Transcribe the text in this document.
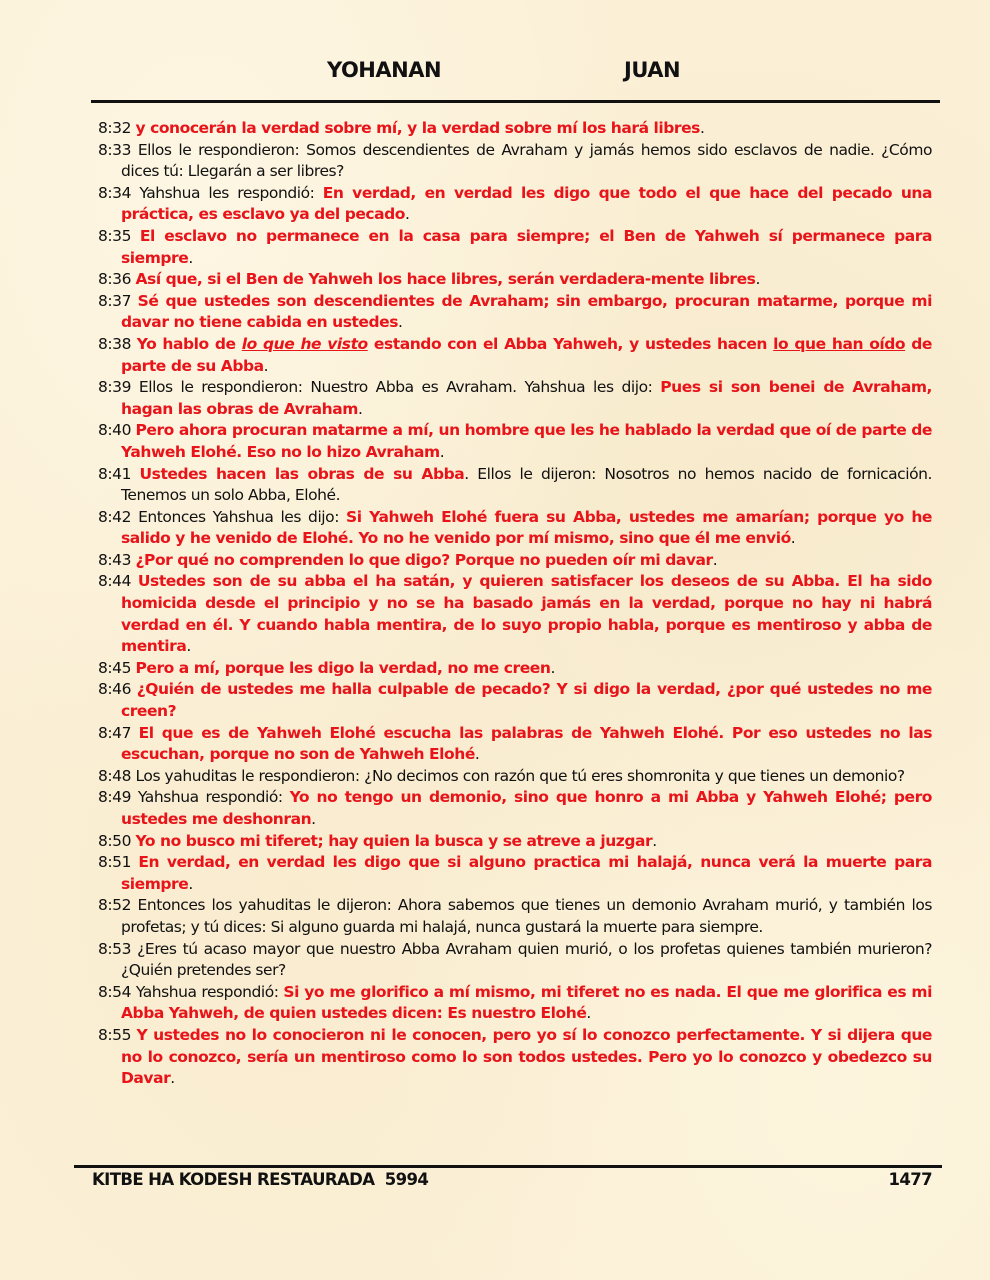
YOHANAN	JUAN

8:32 y conocerán la verdad sobre mí, y la verdad sobre mí los hará libres.

8:33 Ellos le respondieron: Somos descendientes de Avraham y jamás hemos sido esclavos de nadie. ¿Cómo dices tú: Llegarán a ser libres?

8:34 Yahshua les respondió: En verdad, en verdad les digo que todo el que hace del pecado una práctica, es esclavo ya del pecado.

8:35 El esclavo no permanece en la casa para siempre; el Ben de Yahweh sí permanece para siempre.

8:36 Así que, si el Ben de Yahweh los hace libres, serán verdadera-mente libres.

8:37 Sé que ustedes son descendientes de Avraham; sin embargo, procuran matarme, porque mi davar no tiene cabida en ustedes.

8:38 Yo hablo de lo que he visto estando con el Abba Yahweh, y ustedes hacen lo que han oído de parte de su Abba.

8:39 Ellos le respondieron: Nuestro Abba es Avraham. Yahshua les dijo: Pues si son benei de Avraham, hagan las obras de Avraham.

8:40 Pero ahora procuran matarme a mí, un hombre que les he hablado la verdad que oí de parte de Yahweh Elohé. Eso no lo hizo Avraham.

8:41 Ustedes hacen las obras de su Abba. Ellos le dijeron: Nosotros no hemos nacido de fornicación. Tenemos un solo Abba, Elohé.

8:42 Entonces Yahshua les dijo: Si Yahweh Elohé fuera su Abba, ustedes me amarían; porque yo he salido y he venido de Elohé. Yo no he venido por mí mismo, sino que él me envió.

8:43 ¿Por qué no comprenden lo que digo? Porque no pueden oír mi davar.

8:44 Ustedes son de su abba el ha satán, y quieren satisfacer los deseos de su Abba. El ha sido homicida desde el principio y no se ha basado jamás en la verdad, porque no hay ni habrá verdad en él. Y cuando habla mentira, de lo suyo propio habla, porque es mentiroso y abba de mentira.

8:45 Pero a mí, porque les digo la verdad, no me creen.

8:46 ¿Quién de ustedes me halla culpable de pecado? Y si digo la verdad, ¿por qué ustedes no me creen?

8:47 El que es de Yahweh Elohé escucha las palabras de Yahweh Elohé. Por eso ustedes no las escuchan, porque no son de Yahweh Elohé.

8:48 Los yahuditas le respondieron: ¿No decimos con razón que tú eres shomronita y que tienes un demonio?

8:49 Yahshua respondió: Yo no tengo un demonio, sino que honro a mi Abba y Yahweh Elohé; pero ustedes me deshonran.

8:50 Yo no busco mi tiferet; hay quien la busca y se atreve a juzgar.

8:51 En verdad, en verdad les digo que si alguno practica mi halajá, nunca verá la muerte para siempre.

8:52 Entonces los yahuditas le dijeron: Ahora sabemos que tienes un demonio Avraham murió, y también los profetas; y tú dices: Si alguno guarda mi halajá, nunca gustará la muerte para siempre.

8:53 ¿Eres tú acaso mayor que nuestro Abba Avraham quien murió, o los profetas quienes también murieron? ¿Quién pretendes ser?

8:54 Yahshua respondió: Si yo me glorifico a mí mismo, mi tiferet no es nada. El que me glorifica es mi Abba Yahweh, de quien ustedes dicen: Es nuestro Elohé.

8:55 Y ustedes no lo conocieron ni le conocen, pero yo sí lo conozco perfectamente. Y si dijera que no lo conozco, sería un mentiroso como lo son todos ustedes. Pero yo lo conozco y obedezco su Davar.

KITBE HA KODESH RESTAURADA  5994	1477
